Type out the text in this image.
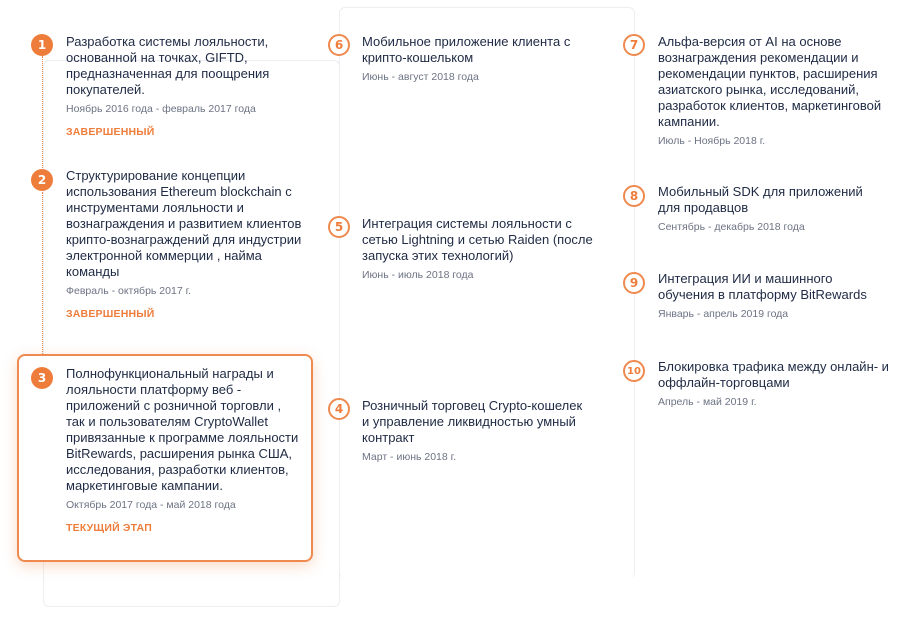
1	Разработка системы лояльности, основанной на точках, GIFTD, предназначенная для поощрения покупателей.

Ноябрь 2016 года - февраль 2017 года
ЗАВЕРШЕННЫЙ
2	Структурирование концепции использования Ethereum blockchain с инструментами лояльности и вознаграждения и развитием клиентов крипто-вознаграждений для индустрии электронной коммерции , найма команды

Февраль - октябрь 2017 г.
ЗАВЕРШЕННЫЙ
3	Полнофункциональный награды и лояльности платформу веб - приложений с розничной торговли , так и пользователям CryptoWallet привязанные к программе лояльности BitRewards, расширения рынка США, исследования, разработки клиентов, маркетинговые кампании.

Октябрь 2017 года - май 2018 года
ТЕКУЩИЙ ЭТАП
6	Мобильное приложение клиента с крипто-кошельком

Июнь - август 2018 года
5	Интеграция системы лояльности с сетью Lightning и сетью Raiden (после запуска этих технологий)

Июнь - июль 2018 года
4	Розничный торговец Crypto-кошелек и управление ликвидностью умный контракт

Март - июнь 2018 г.
7	Альфа-версия от AI на основе вознаграждения рекомендации и рекомендации пунктов, расширения азиатского рынка, исследований, разработок клиентов, маркетинговой кампании.

Июль - Ноябрь 2018 г.
8	Мобильный SDK для приложений для продавцов

Сентябрь - декабрь 2018 года
9	Интеграция ИИ и машинного обучения в платформу BitRewards

Январь - апрель 2019 года
10	Блокировка трафика между онлайн- и оффлайн-торговцами

Апрель - май 2019 г.
